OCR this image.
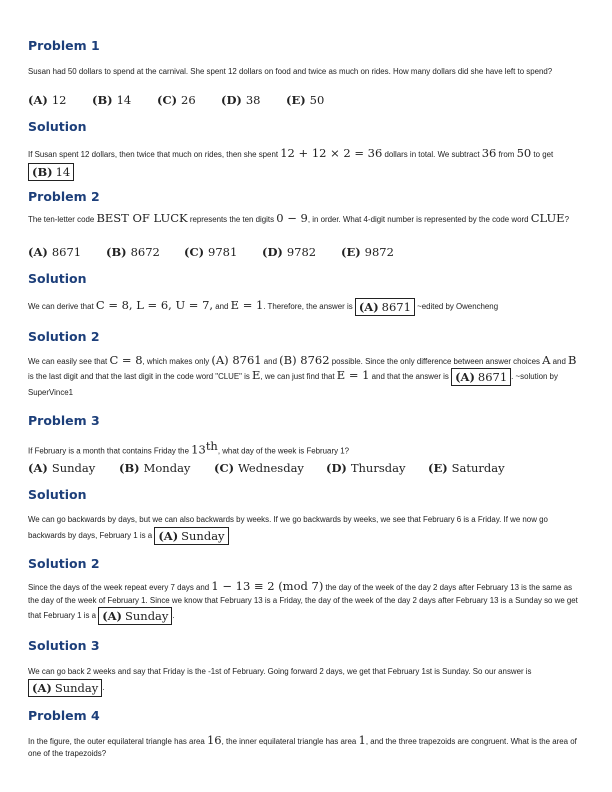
Problem 1
Susan had 50 dollars to spend at the carnival. She spent 12 dollars on food and twice as much on rides. How many dollars did she have left to spend?
(A) 12 (B) 14 (C) 26 (D) 38 (E) 50
Solution
If Susan spent 12 dollars, then twice that much on rides, then she spent 12 + 12 × 2 = 36 dollars in total. We subtract 36 from 50 to get (B) 14
Problem 2
The ten-letter code BEST OF LUCK represents the ten digits 0 − 9, in order. What 4-digit number is represented by the code word CLUE?
(A) 8671 (B) 8672 (C) 9781 (D) 9782 (E) 9872
Solution
We can derive that C = 8, L = 6, U = 7, and E = 1. Therefore, the answer is (A) 8671 ~edited by Owencheng
Solution 2
We can easily see that C = 8, which makes only (A) 8761 and (B) 8762 possible. Since the only difference between answer choices A and B is the last digit and that the last digit in the code word "CLUE" is E, we can just find that E = 1 and that the answer is (A) 8671 . ~solution by SuperVince1
Problem 3
If February is a month that contains Friday the 13th, what day of the week is February 1?
(A) Sunday (B) Monday (C) Wednesday (D) Thursday (E) Saturday
Solution
We can go backwards by days, but we can also backwards by weeks. If we go backwards by weeks, we see that February 6 is a Friday. If we now go backwards by days, February 1 is a (A) Sunday
Solution 2
Since the days of the week repeat every 7 days and 1 − 13 ≡ 2 (mod 7) the day of the week of the day 2 days after February 13 is the same as the day of the week of February 1. Since we know that February 13 is a Friday, the day of the week of the day 2 days after February 13 is a Sunday so we get that February 1 is a (A) Sunday .
Solution 3
We can go back 2 weeks and say that Friday is the -1st of February. Going forward 2 days, we get that February 1st is Sunday. So our answer is (A) Sunday .
Problem 4
In the figure, the outer equilateral triangle has area 16, the inner equilateral triangle has area 1, and the three trapezoids are congruent. What is the area of one of the trapezoids?
